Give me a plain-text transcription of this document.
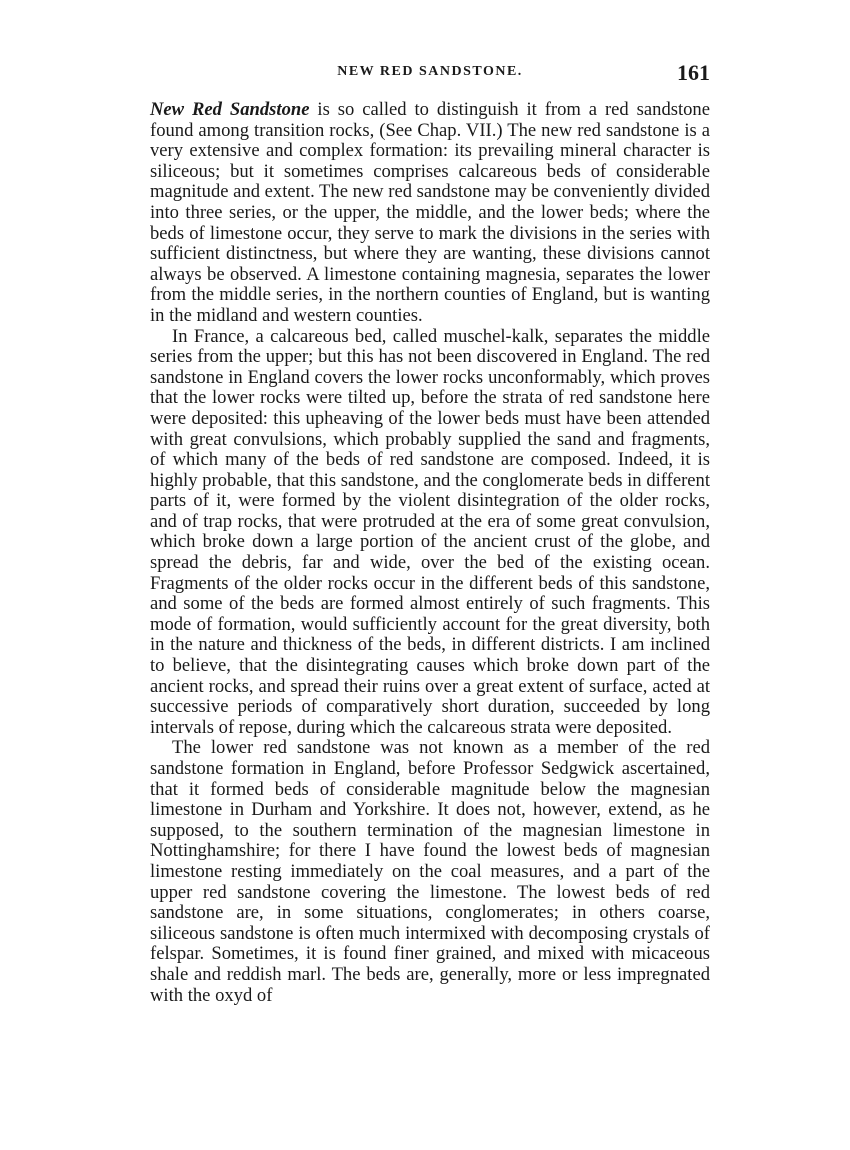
NEW RED SANDSTONE.	161

New Red Sandstone is so called to distinguish it from a red sandstone found among transition rocks, (See Chap. VII.) The new red sandstone is a very extensive and complex formation: its prevailing mineral character is siliceous; but it sometimes comprises calcareous beds of considerable magnitude and extent. The new red sandstone may be conveniently divided into three series, or the upper, the middle, and the lower beds; where the beds of limestone occur, they serve to mark the divisions in the series with sufficient distinctness, but where they are wanting, these divisions cannot always be observed. A limestone containing magnesia, separates the lower from the middle series, in the northern counties of England, but is wanting in the midland and western counties.

In France, a calcareous bed, called muschel-kalk, separates the middle series from the upper; but this has not been discovered in England. The red sandstone in England covers the lower rocks unconformably, which proves that the lower rocks were tilted up, before the strata of red sandstone here were deposited: this upheaving of the lower beds must have been attended with great convulsions, which probably supplied the sand and fragments, of which many of the beds of red sandstone are composed. Indeed, it is highly probable, that this sandstone, and the conglomerate beds in different parts of it, were formed by the violent disintegration of the older rocks, and of trap rocks, that were protruded at the era of some great convulsion, which broke down a large portion of the ancient crust of the globe, and spread the debris, far and wide, over the bed of the existing ocean. Fragments of the older rocks occur in the different beds of this sandstone, and some of the beds are formed almost entirely of such fragments. This mode of formation, would sufficiently account for the great diversity, both in the nature and thickness of the beds, in different districts. I am inclined to believe, that the disintegrating causes which broke down part of the ancient rocks, and spread their ruins over a great extent of surface, acted at successive periods of comparatively short duration, succeeded by long intervals of repose, during which the calcareous strata were deposited.

The lower red sandstone was not known as a member of the red sandstone formation in England, before Professor Sedgwick ascertained, that it formed beds of considerable magnitude below the magnesian limestone in Durham and Yorkshire. It does not, however, extend, as he supposed, to the southern termination of the magnesian limestone in Nottinghamshire; for there I have found the lowest beds of magnesian limestone resting immediately on the coal measures, and a part of the upper red sandstone covering the limestone. The lowest beds of red sandstone are, in some situations, conglomerates; in others coarse, siliceous sandstone is often much intermixed with decomposing crystals of felspar. Sometimes, it is found finer grained, and mixed with micaceous shale and reddish marl. The beds are, generally, more or less impregnated with the oxyd of
